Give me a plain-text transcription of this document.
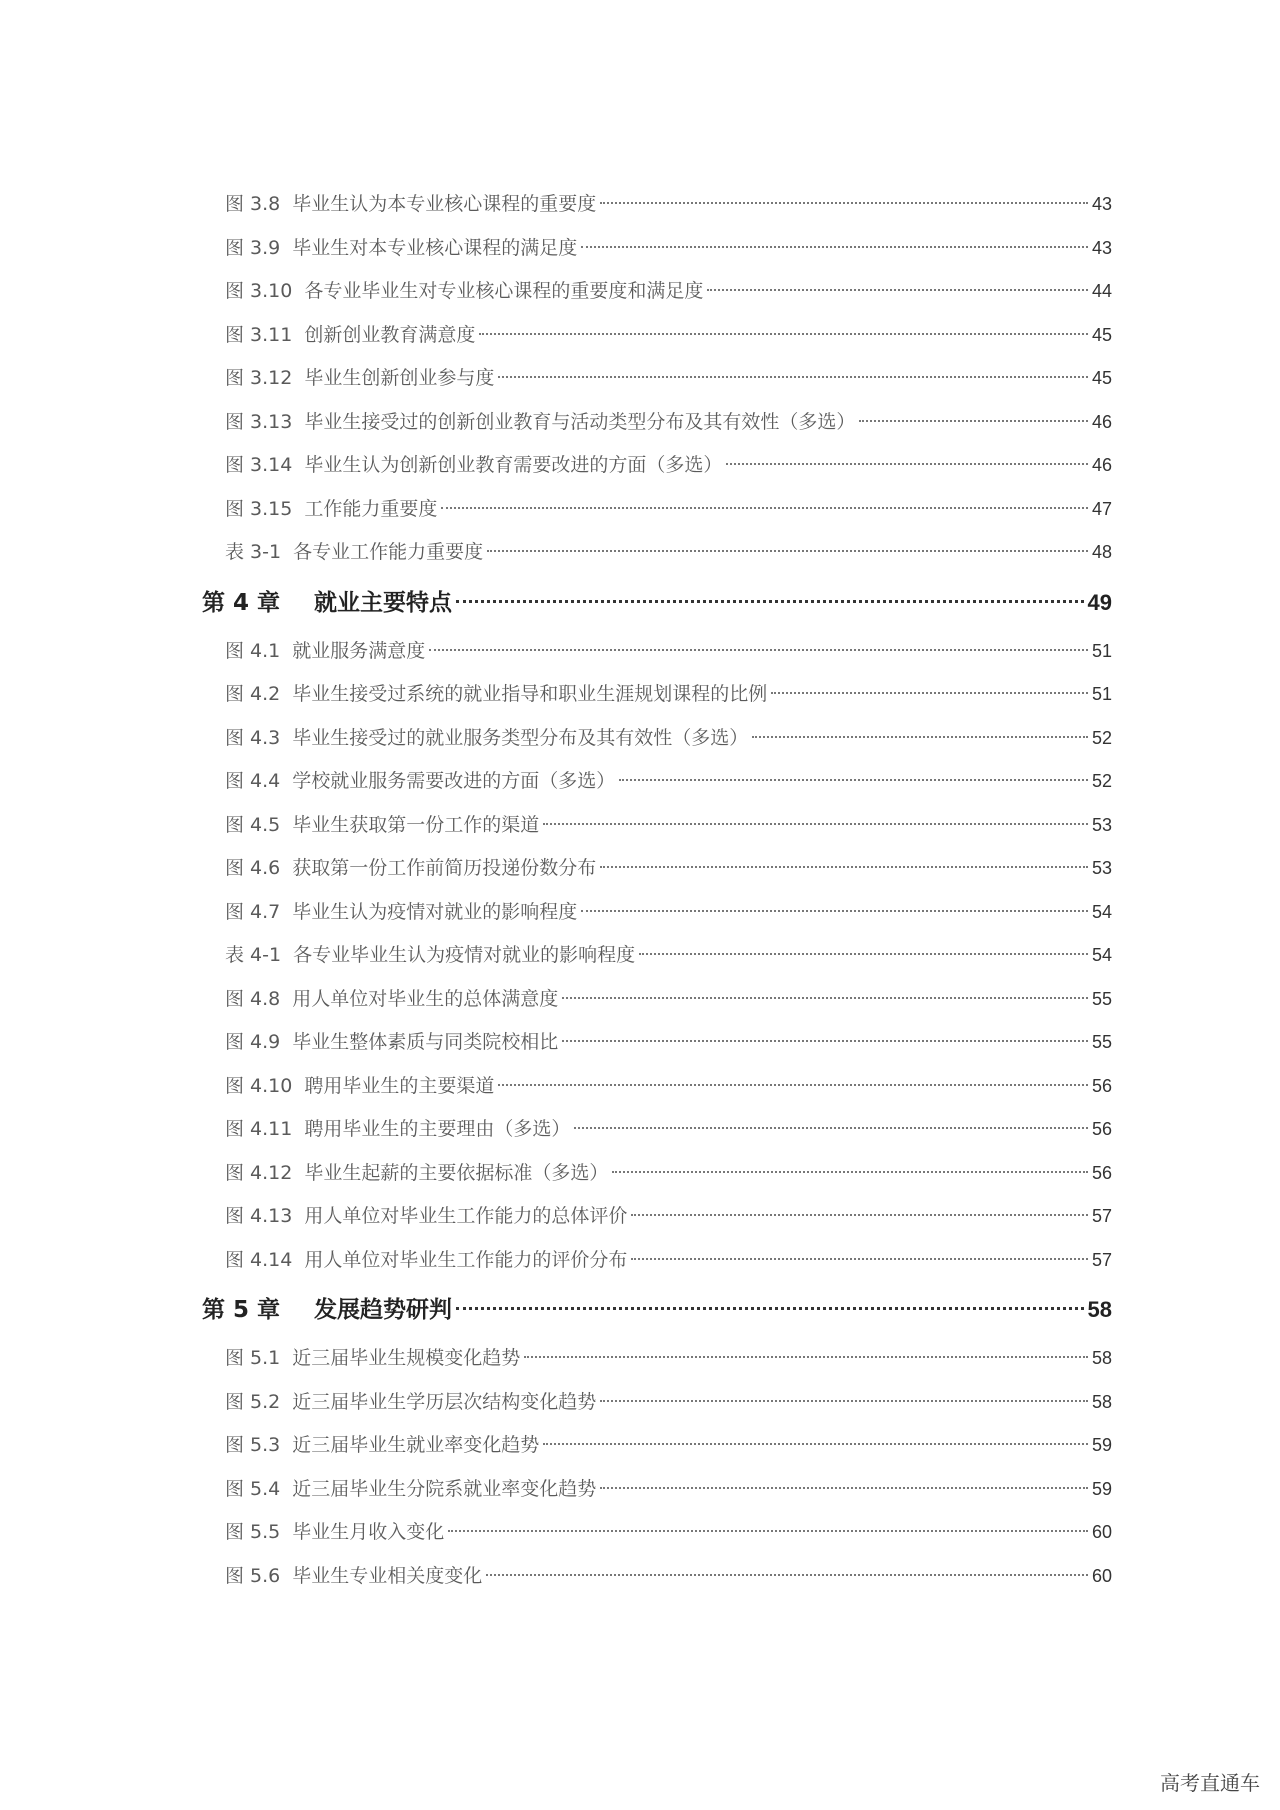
图 3.8 毕业生认为本专业核心课程的重要度	43
图 3.9 毕业生对本专业核心课程的满足度	43
图 3.10 各专业毕业生对专业核心课程的重要度和满足度	44
图 3.11 创新创业教育满意度	45
图 3.12 毕业生创新创业参与度	45
图 3.13 毕业生接受过的创新创业教育与活动类型分布及其有效性（多选）	46
图 3.14 毕业生认为创新创业教育需要改进的方面（多选）	46
图 3.15 工作能力重要度	47
表 3-1 各专业工作能力重要度	48
第 4 章 就业主要特点	49
图 4.1 就业服务满意度	51
图 4.2 毕业生接受过系统的就业指导和职业生涯规划课程的比例	51
图 4.3 毕业生接受过的就业服务类型分布及其有效性（多选）	52
图 4.4 学校就业服务需要改进的方面（多选）	52
图 4.5 毕业生获取第一份工作的渠道	53
图 4.6 获取第一份工作前简历投递份数分布	53
图 4.7 毕业生认为疫情对就业的影响程度	54
表 4-1 各专业毕业生认为疫情对就业的影响程度	54
图 4.8 用人单位对毕业生的总体满意度	55
图 4.9 毕业生整体素质与同类院校相比	55
图 4.10 聘用毕业生的主要渠道	56
图 4.11 聘用毕业生的主要理由（多选）	56
图 4.12 毕业生起薪的主要依据标准（多选）	56
图 4.13 用人单位对毕业生工作能力的总体评价	57
图 4.14 用人单位对毕业生工作能力的评价分布	57
第 5 章 发展趋势研判	58
图 5.1 近三届毕业生规模变化趋势	58
图 5.2 近三届毕业生学历层次结构变化趋势	58
图 5.3 近三届毕业生就业率变化趋势	59
图 5.4 近三届毕业生分院系就业率变化趋势	59
图 5.5 毕业生月收入变化	60
图 5.6 毕业生专业相关度变化	60
高考直通车
